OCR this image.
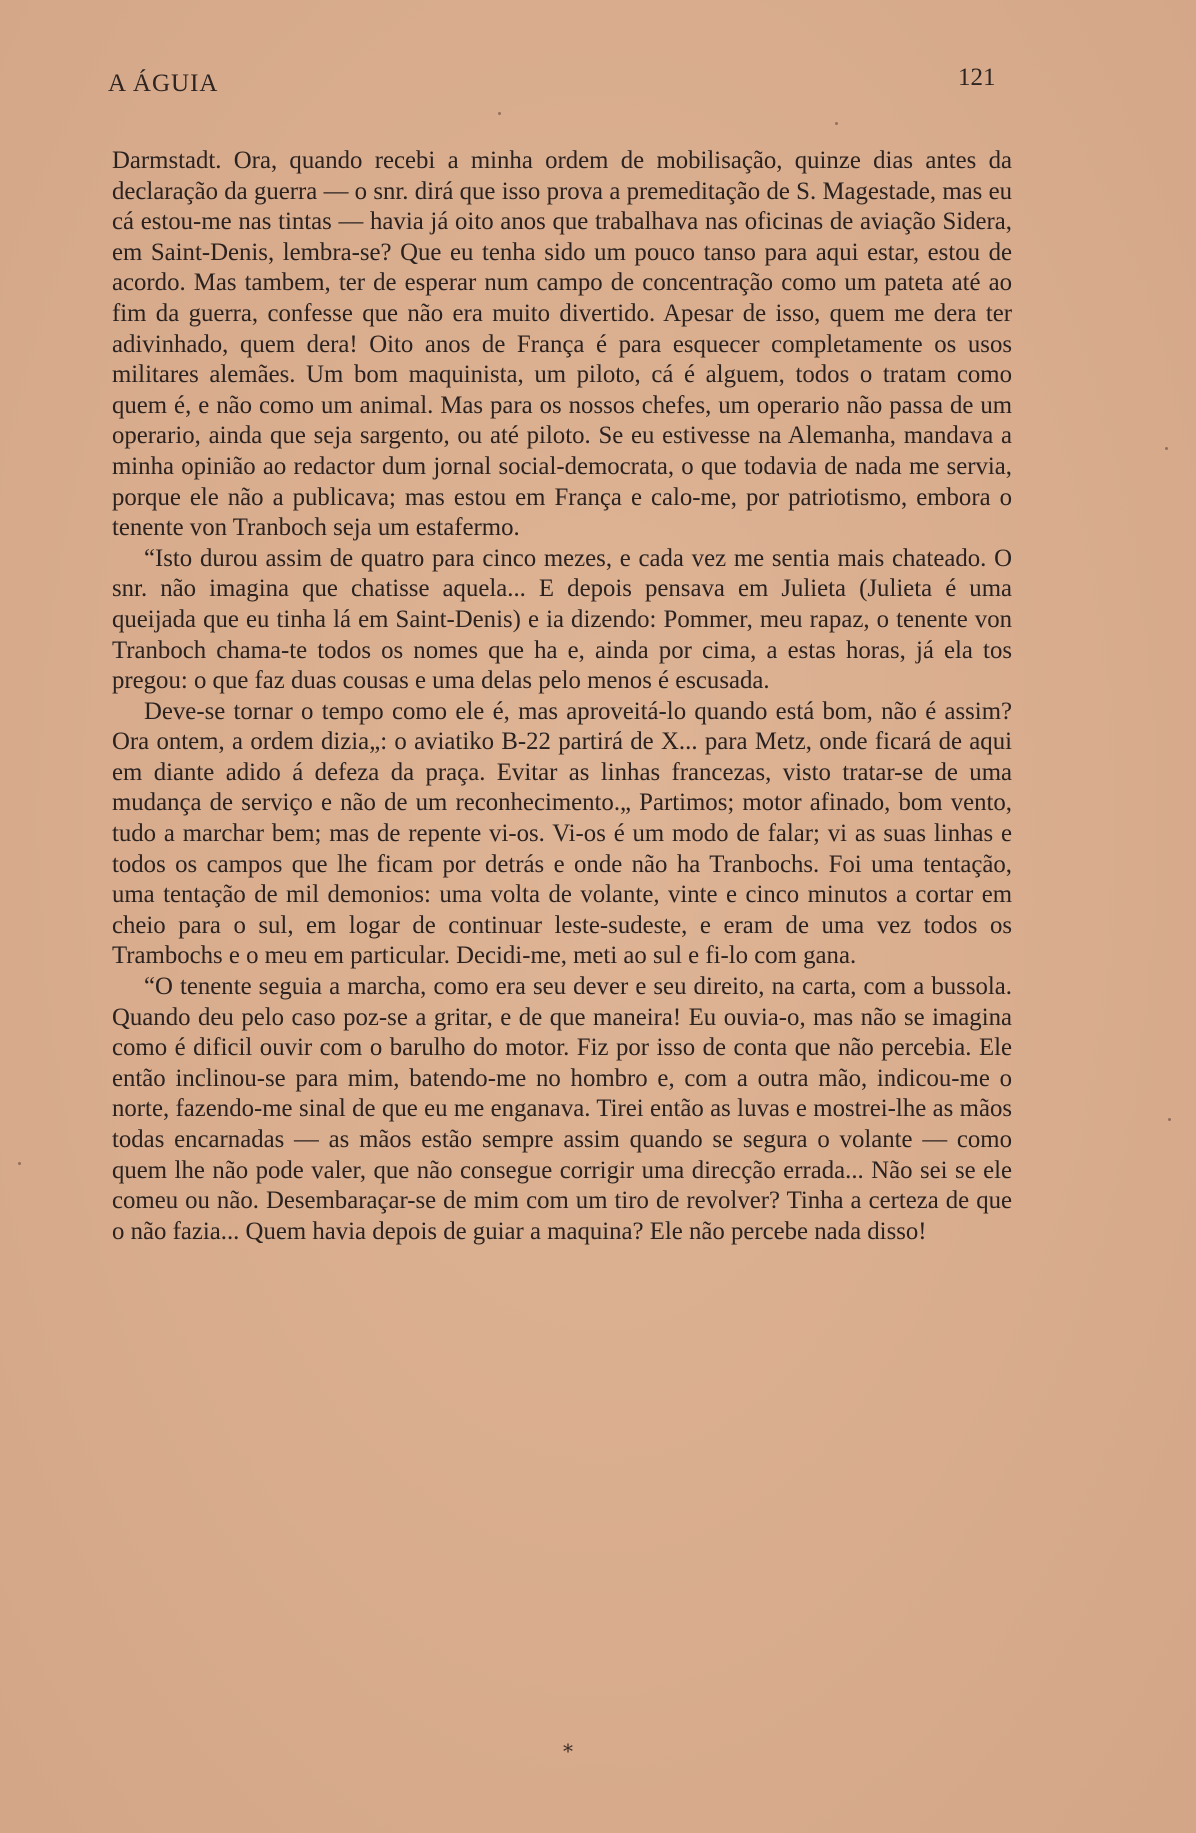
A ÁGUIA	121

Darmstadt. Ora, quando recebi a minha ordem de mobilisação, quinze dias antes da declaração da guerra — o snr. dirá que isso prova a premeditação de S. Magestade, mas eu cá estou-me nas tintas — havia já oito anos que trabalhava nas oficinas de aviação Sidera, em Saint-Denis, lembra-se? Que eu tenha sido um pouco tanso para aqui estar, estou de acordo. Mas tambem, ter de esperar num campo de concentração como um pateta até ao fim da guerra, confesse que não era muito divertido. Apesar de isso, quem me dera ter adivinhado, quem dera! Oito anos de França é para esquecer completamente os usos militares alemães. Um bom maquinista, um piloto, cá é alguem, todos o tratam como quem é, e não como um animal. Mas para os nossos chefes, um operario não passa de um operario, ainda que seja sargento, ou até piloto. Se eu estivesse na Alemanha, mandava a minha opinião ao redactor dum jornal social-democrata, o que todavia de nada me servia, porque ele não a publicava; mas estou em França e calo-me, por patriotismo, embora o tenente von Tranboch seja um estafermo.

“Isto durou assim de quatro para cinco mezes, e cada vez me sentia mais chateado. O snr. não imagina que chatisse aquela... E depois pensava em Julieta (Julieta é uma queijada que eu tinha lá em Saint-Denis) e ia dizendo: Pommer, meu rapaz, o tenente von Tranboch chama-te todos os nomes que ha e, ainda por cima, a estas horas, já ela tos pregou: o que faz duas cousas e uma delas pelo menos é escusada.

Deve-se tornar o tempo como ele é, mas aproveitá-lo quando está bom, não é assim? Ora ontem, a ordem dizia„: o aviatiko B-22 partirá de X... para Metz, onde ficará de aqui em diante adido á defeza da praça. Evitar as linhas francezas, visto tratar-se de uma mudança de serviço e não de um reconhecimento.„ Partimos; motor afinado, bom vento, tudo a marchar bem; mas de repente vi-os. Vi-os é um modo de falar; vi as suas linhas e todos os campos que lhe ficam por detrás e onde não ha Tranbochs. Foi uma tentação, uma tentação de mil demonios: uma volta de volante, vinte e cinco minutos a cortar em cheio para o sul, em logar de continuar leste-sudeste, e eram de uma vez todos os Trambochs e o meu em particular. Decidi-me, meti ao sul e fi-lo com gana.

“O tenente seguia a marcha, como era seu dever e seu direito, na carta, com a bussola. Quando deu pelo caso poz-se a gritar, e de que maneira! Eu ouvia-o, mas não se imagina como é dificil ouvir com o barulho do motor. Fiz por isso de conta que não percebia. Ele então inclinou-se para mim, batendo-me no hombro e, com a outra mão, indicou-me o norte, fazendo-me sinal de que eu me enganava. Tirei então as luvas e mostrei-lhe as mãos todas encarnadas — as mãos estão sempre assim quando se segura o volante — como quem lhe não pode valer, que não consegue corrigir uma direcção errada... Não sei se ele comeu ou não. Desembaraçar-se de mim com um tiro de revolver? Tinha a certeza de que o não fazia... Quem havia depois de guiar a maquina? Ele não percebe nada disso!

⁎
